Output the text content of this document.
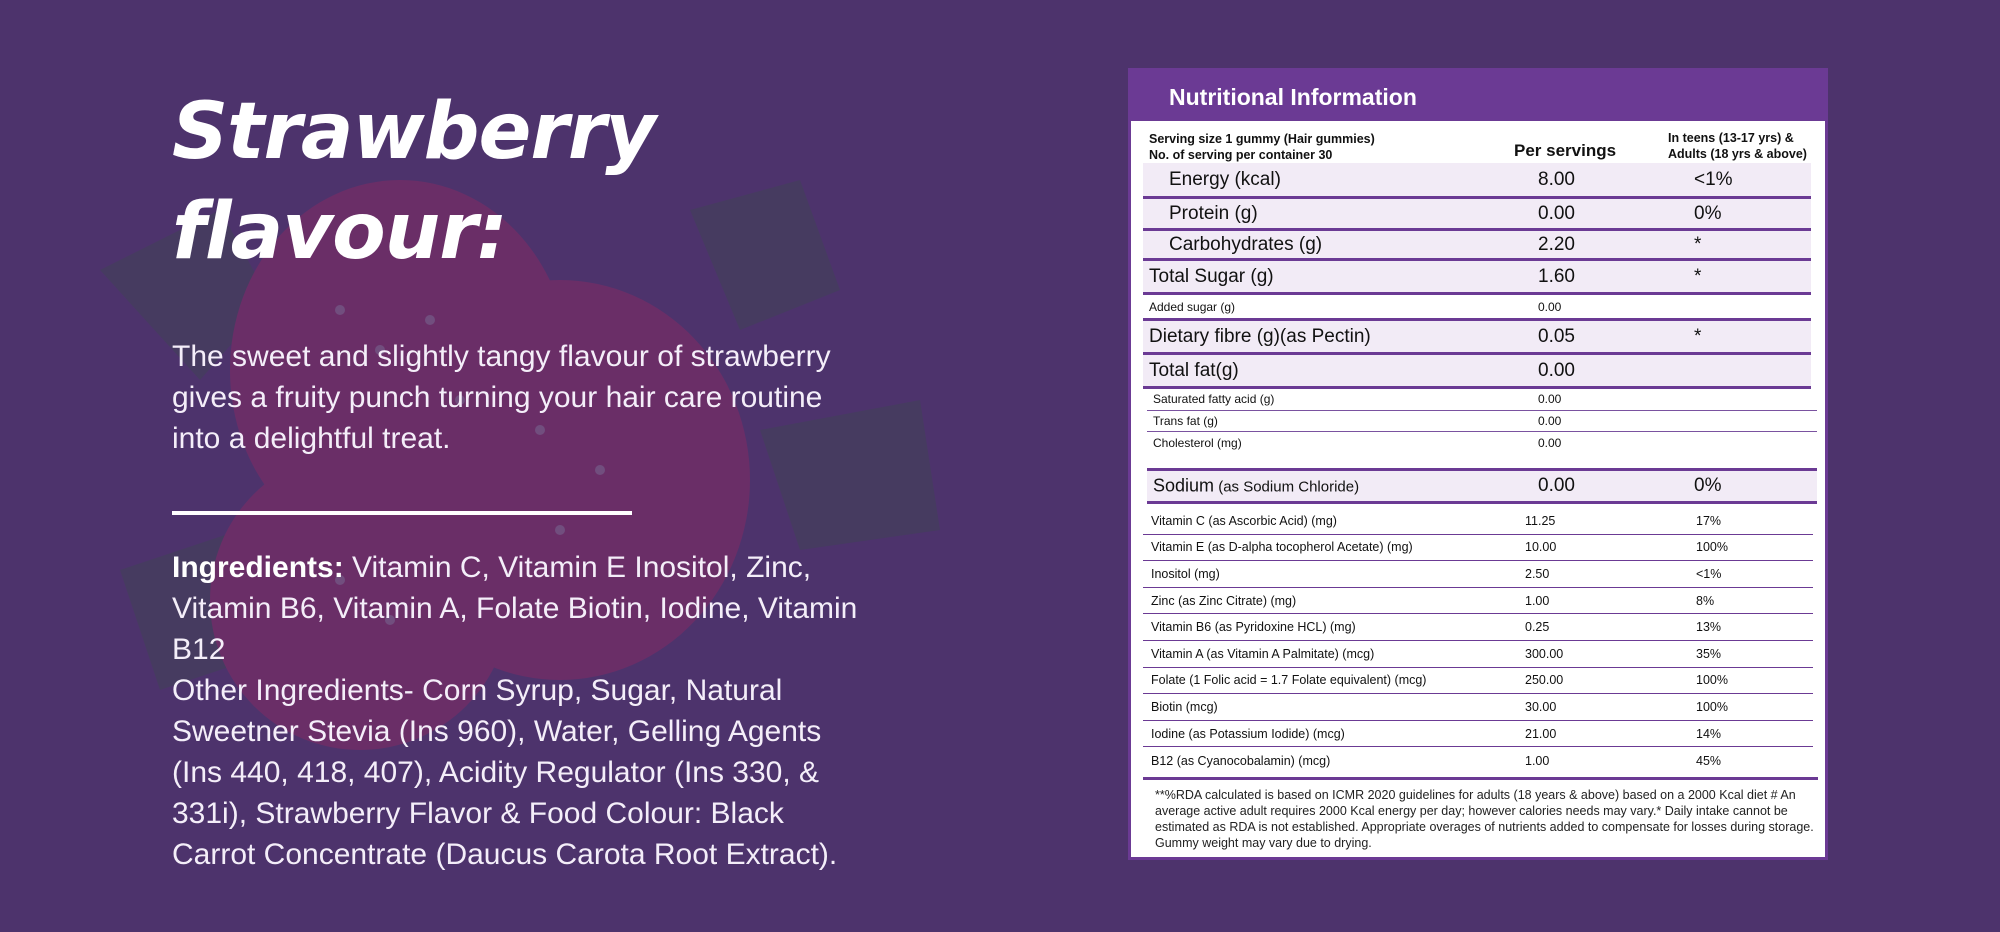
Strawberry
flavour:

The sweet and slightly tangy flavour of strawberry gives a fruity punch turning your hair care routine into a delightful treat.

Ingredients: Vitamin C, Vitamin E Inositol, Zinc, Vitamin B6, Vitamin A, Folate Biotin, Iodine, Vitamin B12
Other Ingredients- Corn Syrup, Sugar, Natural Sweetner Stevia (Ins 960), Water, Gelling Agents (Ins 440, 418, 407), Acidity Regulator (Ins 330, & 331i), Strawberry Flavor & Food Colour: Black Carrot Concentrate (Daucus Carota Root Extract).
Nutritional Information
Serving size 1 gummy (Hair gummies)
No. of serving per container 30	Per servings
In teens (13-17 yrs) &
Adults (18 yrs & above)
Energy (kcal)	8.00	<1%
Protein (g)	0.00	0%
Carbohydrates (g)	2.20	*
Total Sugar (g)	1.60	*
Added sugar (g)	0.00
Dietary fibre (g)(as Pectin)	0.05	*
Total fat(g)	0.00
Saturated fatty acid (g)	0.00
Trans fat (g)	0.00
Cholesterol (mg)	0.00
Sodium (as Sodium Chloride)	0.00	0%
Vitamin C (as Ascorbic Acid) (mg)	11.25	17%
Vitamin E (as D-alpha tocopherol Acetate) (mg)	10.00	100%
Inositol (mg)	2.50	<1%
Zinc (as Zinc Citrate) (mg)	1.00	8%
Vitamin B6 (as Pyridoxine HCL) (mg)	0.25	13%
Vitamin A (as Vitamin A Palmitate) (mcg)	300.00	35%
Folate (1 Folic acid = 1.7 Folate equivalent) (mcg)	250.00	100%
Biotin (mcg)	30.00	100%
Iodine (as Potassium Iodide) (mcg)	21.00	14%
B12 (as Cyanocobalamin) (mcg)	1.00	45%

**%RDA calculated is based on ICMR 2020 guidelines for adults (18 years & above) based on a 2000 Kcal diet # An average active adult requires 2000 Kcal energy per day; however calories needs may vary.* Daily intake cannot be estimated as RDA is not established. Appropriate overages of nutrients added to compensate for losses during storage. Gummy weight may vary due to drying.
